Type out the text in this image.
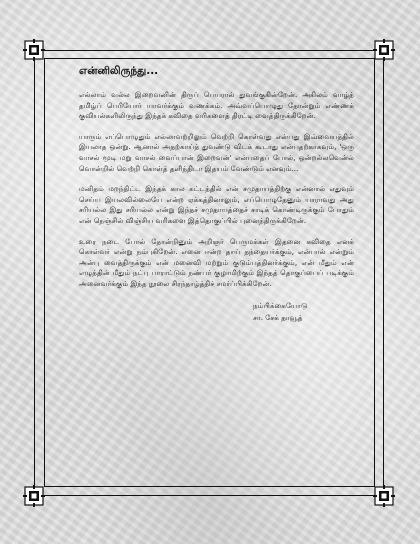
என்னிலிருந்து...

எல்லாம் வல்ல இறைவனின் திருப் பெயரால் துவங்குகின்றேன். அகிலம் வாழ்த் தமிழ்ப் பெரியோர் யாவர்க்கும் வணக்கம். அவ்வப்பொழுது தோன்றும் எண்ணக் குவியல்களிலிருந்து இந்தக் கவிதை வரிகளைத் திரட்டி வைத்திருக்கிறேன்.

யாரும் எப்பொழுதும் எல்லாவற்றிலும் வெற்றி கொள்வது என்பது இவ்வையத்தில் இயலாத ஒன்று. ஆனால் அதற்காய்த் துவண்டு விடக் கூடாது என்பதற்காகவும், 'ஒரு வாசல் மூடி மறு வாசல் வைப்பான் இறைவன்' என்பதைப் போல், ஒன்றல்லவென்ல் வொன்றில் வெற்றி கொள்த் தளிந்திடா இதயம் வேண்டும் எனவும்...

மனிதம் மறந்திட்ட இந்தக் கால கட்டத்தில் என் சமுதாயத்திற்கு என்னால் எதுவும் செய்ய இயலவில்லையே என்ற ஏக்கத்தினாலும், எப்பொழுதேனும் யாராவது அது சரியல்ல இது சரியல்ல என்று இந்தச் சமுதாயத்தைச் சாடிக் கொண்டிருக்கும் போதும் என் நெஞ்சில் விஞ்சிய வரிகளை இத்தொகுப்பில் புனைந்திருக்கிறேன்.

உரை நடை போல் தோன்றினும் அறிஞர் பெருமக்கள் இதனை கவிதை எனக் கொள்வர் என்று நம்புகிறேன். எனை ஈன்ற தாய் தந்தையர்க்கும், என்பால் என்றும் அன்பு வைத்திருக்கும் என் மனைவி மற்றும் குடும்பத்தினர்க்கும், என் மீதும் என் எழுத்தின் மீதும் நட்பு பாராட்டும் நண்பர் குழாமிற்கும் இந்தத் தொகுப்பைப் படிக்கும் அனைவர்க்கும் இந்த நூலை சிரந்தாழ்த்திச் சமர்ப்பிக்கிறேன்.

நம்பிக்கையோடு
சா. சேக் தாவூத்
